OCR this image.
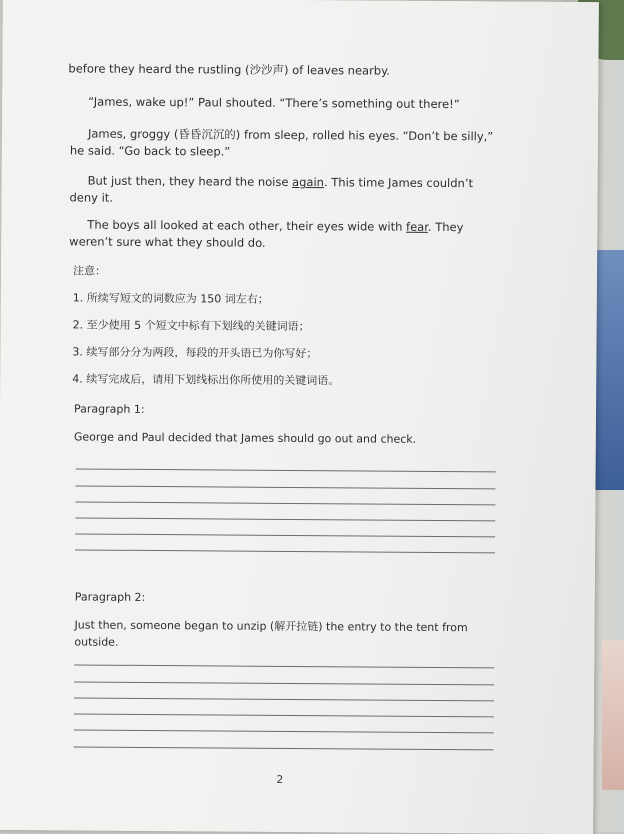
before they heard the rustling (沙沙声) of leaves nearby.
“James, wake up!” Paul shouted. “There’s something out there!”
James, groggy (昏昏沉沉的) from sleep, rolled his eyes. “Don’t be silly,” he said. “Go back to sleep.”
But just then, they heard the noise again. This time James couldn’t deny it.
The boys all looked at each other, their eyes wide with fear. They weren’t sure what they should do.
注意：
1. 所续写短文的词数应为 150 词左右；
2. 至少使用 5 个短文中标有下划线的关键词语；
3. 续写部分分为两段，每段的开头语已为你写好；
4. 续写完成后，请用下划线标出你所使用的关键词语。
Paragraph 1:
George and Paul decided that James should go out and check.
Paragraph 2:
Just then, someone began to unzip (解开拉链) the entry to the tent from outside.
2
